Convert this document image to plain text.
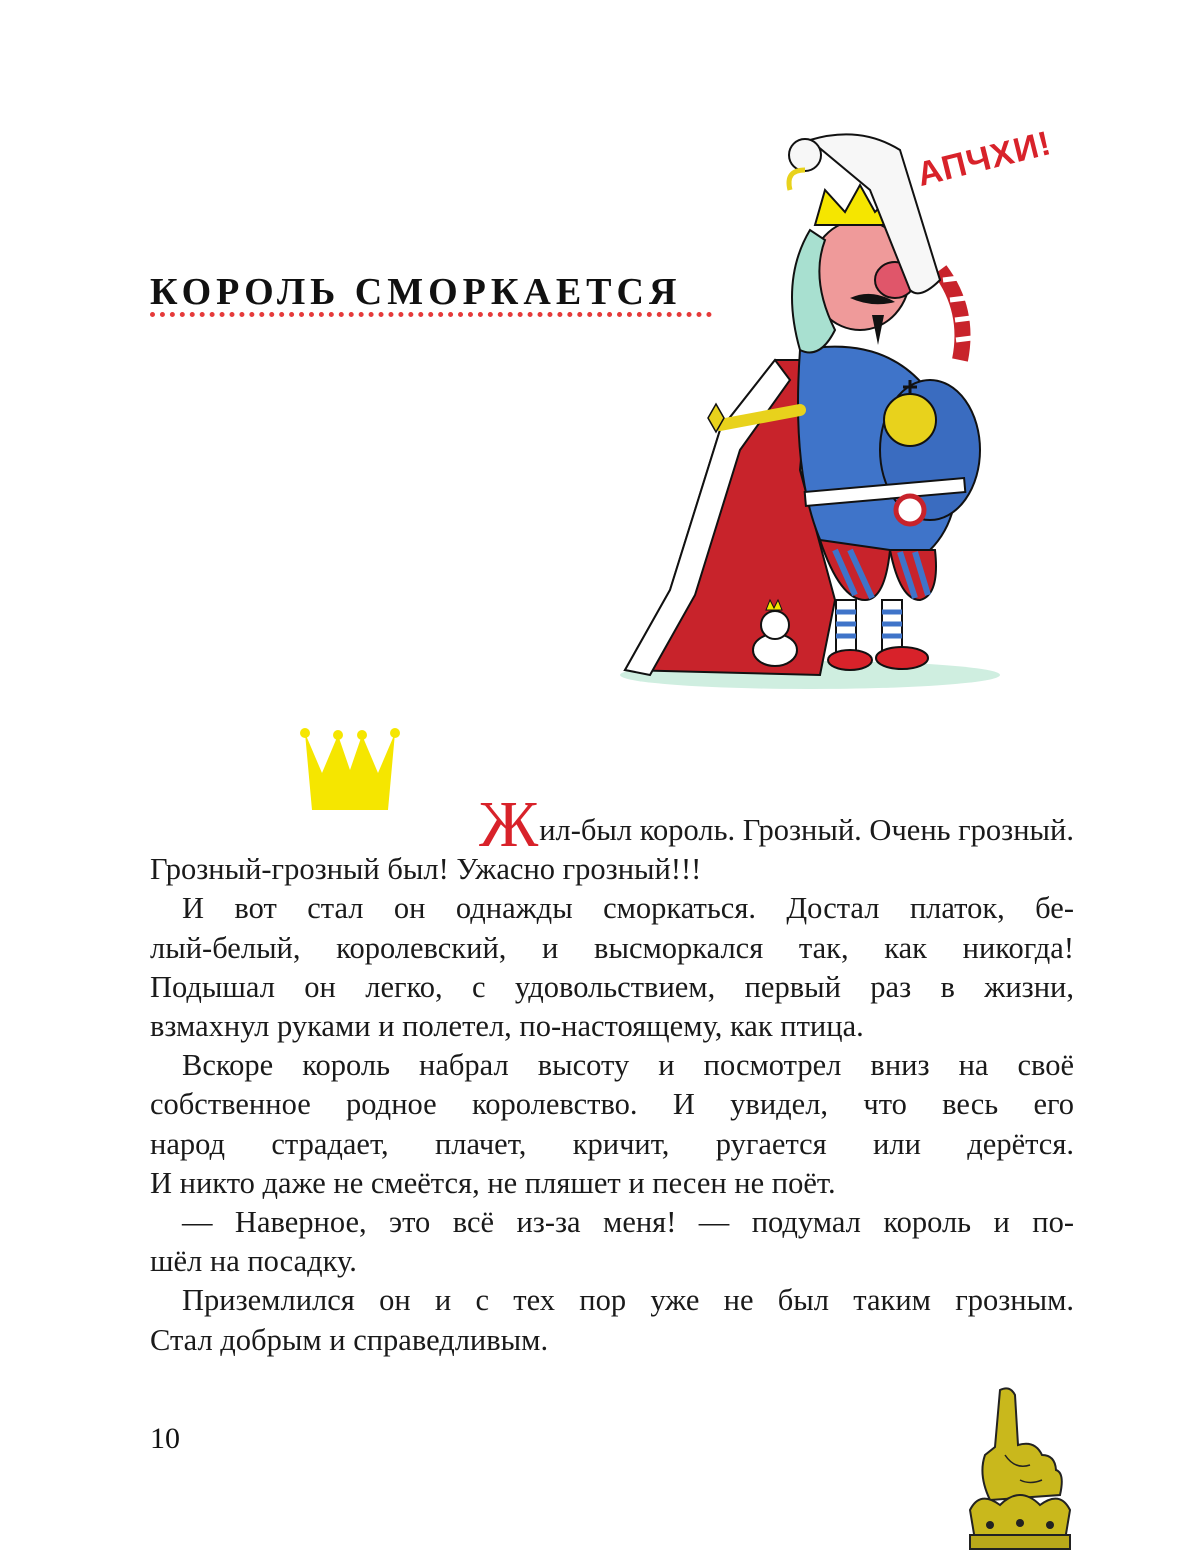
КОРОЛЬ СМОРКАЕТСЯ
АПЧХИ!
Жил-был король. Грозный. Очень грозный.
Грозный-грозный был! Ужасно грозный!!!
И вот стал он однажды сморкаться. Достал платок, бе-
лый-белый, королевский, и высморкался так, как никогда!
Подышал он легко, с удовольствием, первый раз в жизни,
взмахнул руками и полетел, по-настоящему, как птица.
Вскоре король набрал высоту и посмотрел вниз на своё
собственное родное королевство. И увидел, что весь его
народ страдает, плачет, кричит, ругается или дерётся.
И никто даже не смеётся, не пляшет и песен не поёт.
— Наверное, это всё из-за меня! — подумал король и по-
шёл на посадку.
Приземлился он и с тех пор уже не был таким грозным.
Стал добрым и справедливым.
10
